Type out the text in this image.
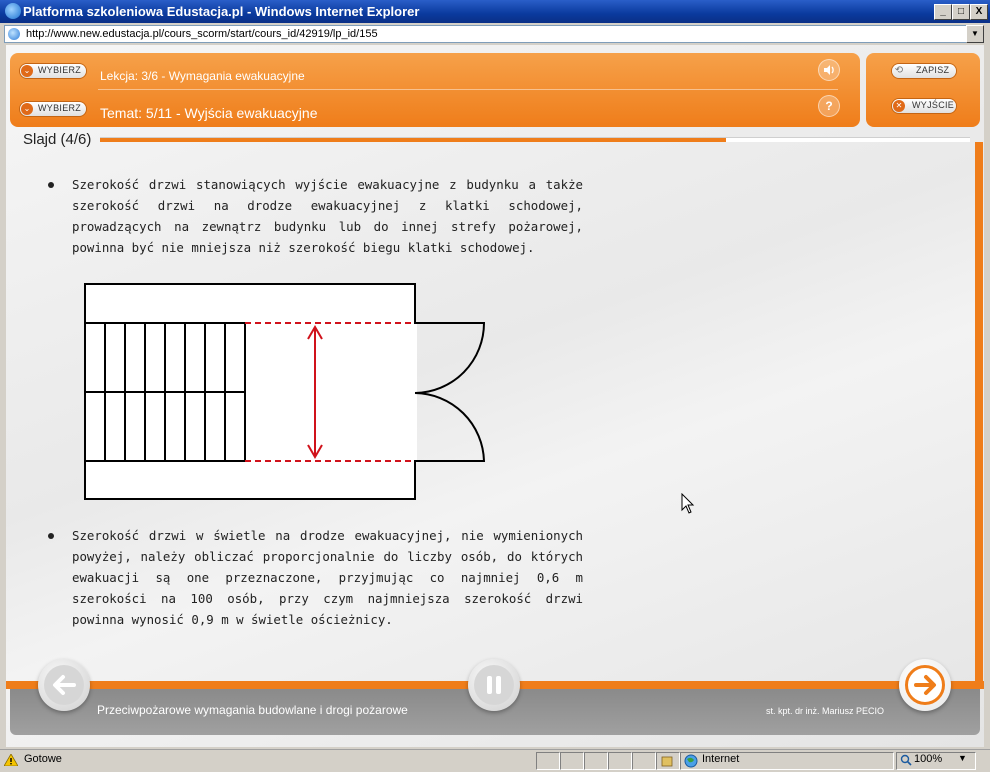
Platforma szkoleniowa Edustacja.pl - Windows Internet Explorer	_	□	X
http://www.new.edustacja.pl/cours_scorm/start/cours_id/42919/lp_id/155	▼
⌄ WYBIERZ Lekcja: 3/6 - Wymagania ewakuacyjne
⌄ WYBIERZ Temat: 5/11 - Wyjścia ewakuacyjne	?
⟲ ZAPISZ
✕ WYJŚCIE
Slajd (4/6)
Szerokość drzwi stanowiących wyjście ewakuacyjne z budynku a także szerokość drzwi na drodze ewakuacyjnej z klatki schodowej, prowadzących na zewnątrz budynku lub do innej strefy pożarowej, powinna być nie mniejsza niż szerokość biegu klatki schodowej.
Szerokość drzwi w świetle na drodze ewakuacyjnej, nie wymienionych powyżej, należy obliczać proporcjonalnie do liczby osób, do których ewakuacji są one przeznaczone, przyjmując co najmniej 0,6 m szerokości na 100 osób, przy czym najmniejsza szerokość drzwi powinna wynosić 0,9 m w świetle ościeżnicy.
Przeciwpożarowe wymagania budowlane i drogi pożarowe	st. kpt. dr inż. Mariusz PECIO
Gotowe	Internet	100% ▼
